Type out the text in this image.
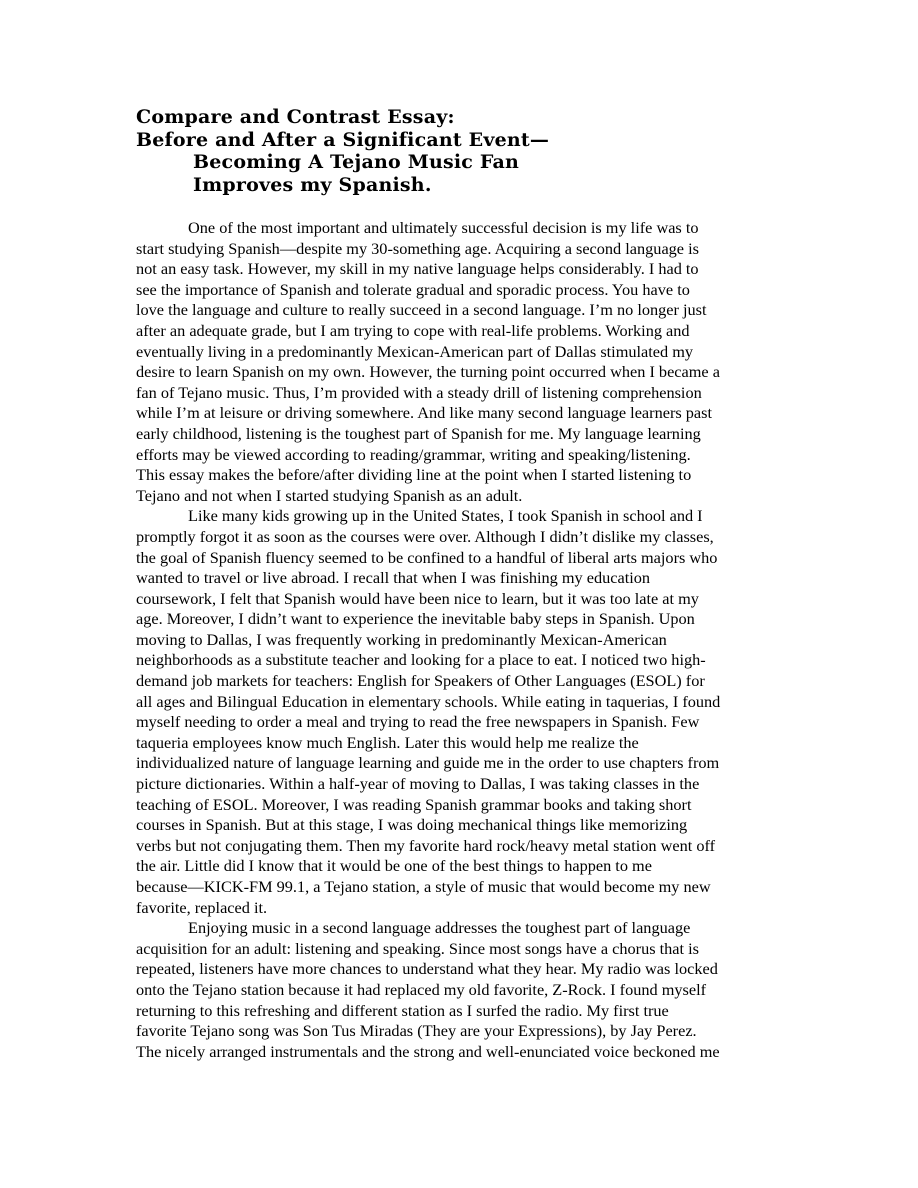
Compare and Contrast Essay:
Before and After a Significant Event—
Becoming A Tejano Music Fan
Improves my Spanish.

One of the most important and ultimately successful decision is my life was to
start studying Spanish—despite my 30-something age. Acquiring a second language is
not an easy task. However, my skill in my native language helps considerably. I had to
see the importance of Spanish and tolerate gradual and sporadic process. You have to
love the language and culture to really succeed in a second language. I’m no longer just
after an adequate grade, but I am trying to cope with real-life problems. Working and
eventually living in a predominantly Mexican-American part of Dallas stimulated my
desire to learn Spanish on my own. However, the turning point occurred when I became a
fan of Tejano music. Thus, I’m provided with a steady drill of listening comprehension
while I’m at leisure or driving somewhere. And like many second language learners past
early childhood, listening is the toughest part of Spanish for me. My language learning
efforts may be viewed according to reading/grammar, writing and speaking/listening.
This essay makes the before/after dividing line at the point when I started listening to
Tejano and not when I started studying Spanish as an adult.

Like many kids growing up in the United States, I took Spanish in school and I
promptly forgot it as soon as the courses were over. Although I didn’t dislike my classes,
the goal of Spanish fluency seemed to be confined to a handful of liberal arts majors who
wanted to travel or live abroad. I recall that when I was finishing my education
coursework, I felt that Spanish would have been nice to learn, but it was too late at my
age. Moreover, I didn’t want to experience the inevitable baby steps in Spanish. Upon
moving to Dallas, I was frequently working in predominantly Mexican-American
neighborhoods as a substitute teacher and looking for a place to eat. I noticed two high-
demand job markets for teachers: English for Speakers of Other Languages (ESOL) for
all ages and Bilingual Education in elementary schools. While eating in taquerias, I found
myself needing to order a meal and trying to read the free newspapers in Spanish. Few
taqueria employees know much English. Later this would help me realize the
individualized nature of language learning and guide me in the order to use chapters from
picture dictionaries. Within a half-year of moving to Dallas, I was taking classes in the
teaching of ESOL. Moreover, I was reading Spanish grammar books and taking short
courses in Spanish. But at this stage, I was doing mechanical things like memorizing
verbs but not conjugating them. Then my favorite hard rock/heavy metal station went off
the air. Little did I know that it would be one of the best things to happen to me
because—KICK-FM 99.1, a Tejano station, a style of music that would become my new
favorite, replaced it.

Enjoying music in a second language addresses the toughest part of language
acquisition for an adult: listening and speaking. Since most songs have a chorus that is
repeated, listeners have more chances to understand what they hear. My radio was locked
onto the Tejano station because it had replaced my old favorite, Z-Rock. I found myself
returning to this refreshing and different station as I surfed the radio. My first true
favorite Tejano song was Son Tus Miradas (They are your Expressions), by Jay Perez.
The nicely arranged instrumentals and the strong and well-enunciated voice beckoned me
